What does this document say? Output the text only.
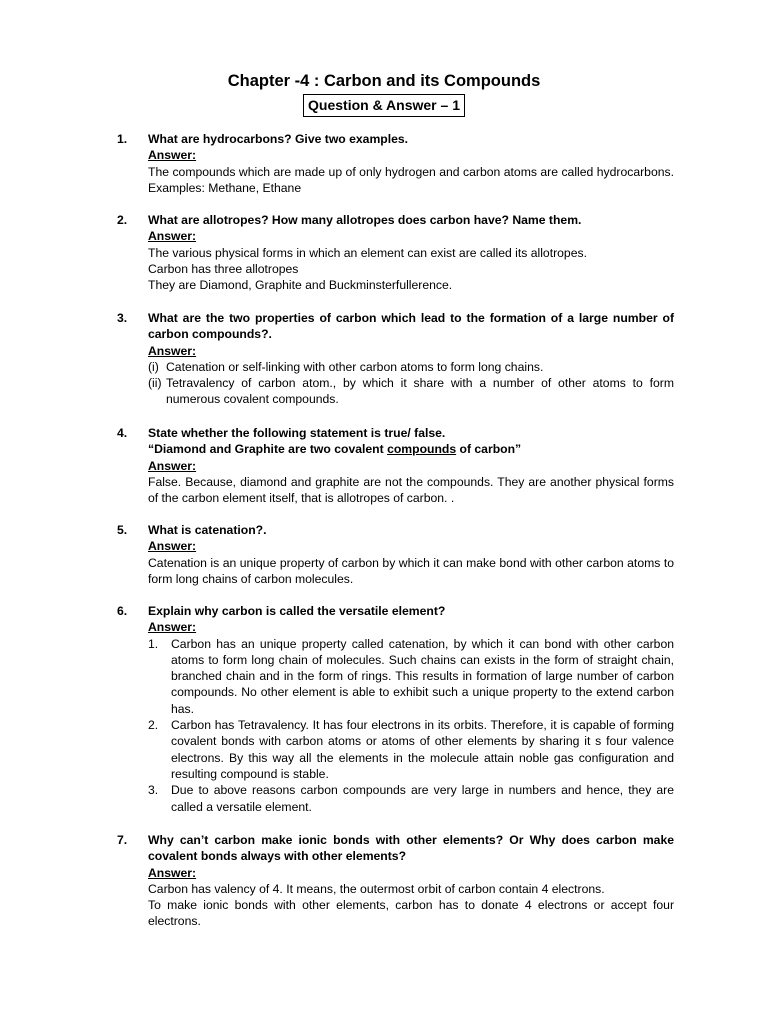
Chapter -4 : Carbon and its Compounds
Question & Answer – 1
1. What are hydrocarbons? Give two examples.
Answer:
The compounds which are made up of only hydrogen and carbon atoms are called hydrocarbons. Examples: Methane, Ethane
2. What are allotropes? How many allotropes does carbon have? Name them.
Answer:
The various physical forms in which an element can exist are called its allotropes.
Carbon has three allotropes
They are Diamond, Graphite and Buckminsterfullerence.
3. What are the two properties of carbon which lead to the formation of a large number of carbon compounds?.
Answer:
(i) Catenation or self-linking with other carbon atoms to form long chains.
(ii) Tetravalency of carbon atom., by which it share with a number of other atoms to form numerous covalent compounds.
4. State whether the following statement is true/ false.
“Diamond and Graphite are two covalent compounds of carbon”
Answer:
False. Because, diamond and graphite are not the compounds. They are another physical forms of the carbon element itself, that is allotropes of carbon. .
5. What is catenation?.
Answer:
Catenation is an unique property of carbon by which it can make bond with other carbon atoms to form long chains of carbon molecules.
6. Explain why carbon is called the versatile element?
Answer:
1.	Carbon has an unique property called catenation, by which it can bond with other carbon atoms to form long chain of molecules. Such chains can exists in the form of straight chain, branched chain and in the form of rings. This results in formation of large number of carbon compounds. No other element is able to exhibit such a unique property to the extend carbon has.
2.	Carbon has Tetravalency. It has four electrons in its orbits. Therefore, it is capable of forming covalent bonds with carbon atoms or atoms of other elements by sharing it s four valence electrons. By this way all the elements in the molecule attain noble gas configuration and resulting compound is stable.
3.	Due to above reasons carbon compounds are very large in numbers and hence, they are called a versatile element.
7. Why can’t carbon make ionic bonds with other elements? Or Why does carbon make covalent bonds always with other elements?
Answer:
Carbon has valency of 4. It means, the outermost orbit of carbon contain 4 electrons.
To make ionic bonds with other elements, carbon has to donate 4 electrons or accept four electrons.
